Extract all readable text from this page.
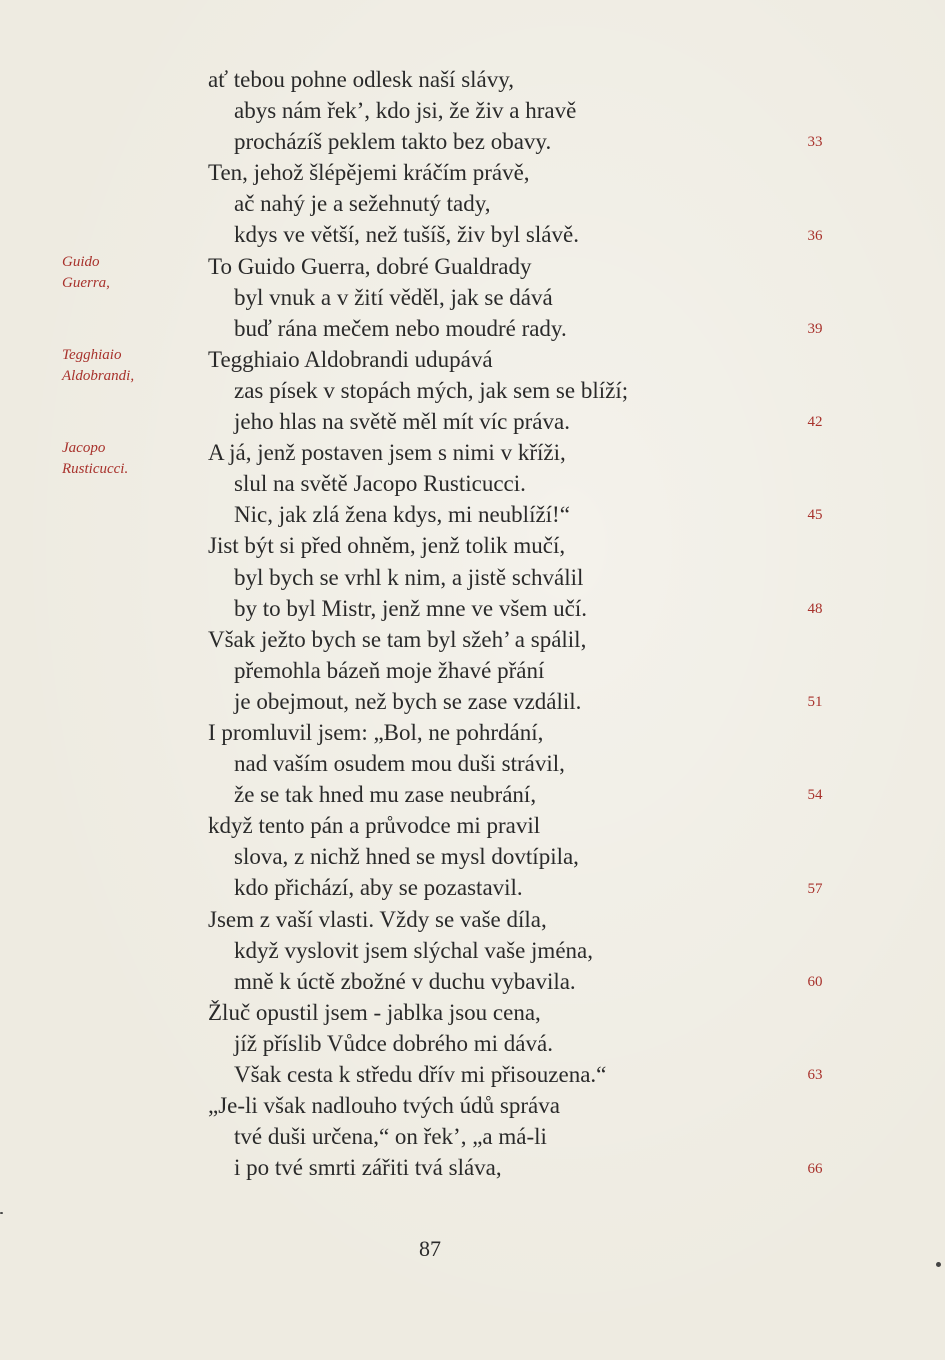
Guido
Guerra,
Tegghiaio
Aldobrandi,
Jacopo
Rusticucci.
ať tebou pohne odlesk naší slávy,
abys nám řek’, kdo jsi, že živ a hravě
procházíš peklem takto bez obavy.
Ten, jehož šlépějemi kráčím právě,
ač nahý je a sežehnutý tady,
kdys ve větší, než tušíš, živ byl slávě.
To Guido Guerra, dobré Gualdrady
byl vnuk a v žití věděl, jak se dává
buď rána mečem nebo moudré rady.
Tegghiaio Aldobrandi udupává
zas písek v stopách mých, jak sem se blíží;
jeho hlas na světě měl mít víc práva.
A já, jenž postaven jsem s nimi v kříži,
slul na světě Jacopo Rusticucci.
Nic, jak zlá žena kdys, mi neublíží!“
Jist být si před ohněm, jenž tolik mučí,
byl bych se vrhl k nim, a jistě schválil
by to byl Mistr, jenž mne ve všem učí.
Však ježto bych se tam byl sžeh’ a spálil,
přemohla bázeň moje žhavé přání
je obejmout, než bych se zase vzdálil.
I promluvil jsem: „Bol, ne pohrdání,
nad vaším osudem mou duši strávil,
že se tak hned mu zase neubrání,
když tento pán a průvodce mi pravil
slova, z nichž hned se mysl dovtípila,
kdo přichází, aby se pozastavil.
Jsem z vaší vlasti. Vždy se vaše díla,
když vyslovit jsem slýchal vaše jména,
mně k úctě zbožné v duchu vybavila.
Žluč opustil jsem - jablka jsou cena,
jíž příslib Vůdce dobrého mi dává.
Však cesta k středu dřív mi přisouzena.“
„Je-li však nadlouho tvých údů správa
tvé duši určena,“ on řek’, „a má-li
i po tvé smrti zářiti tvá sláva,
33
36
39
42
45
48
51
54
57
60
63
66
87
